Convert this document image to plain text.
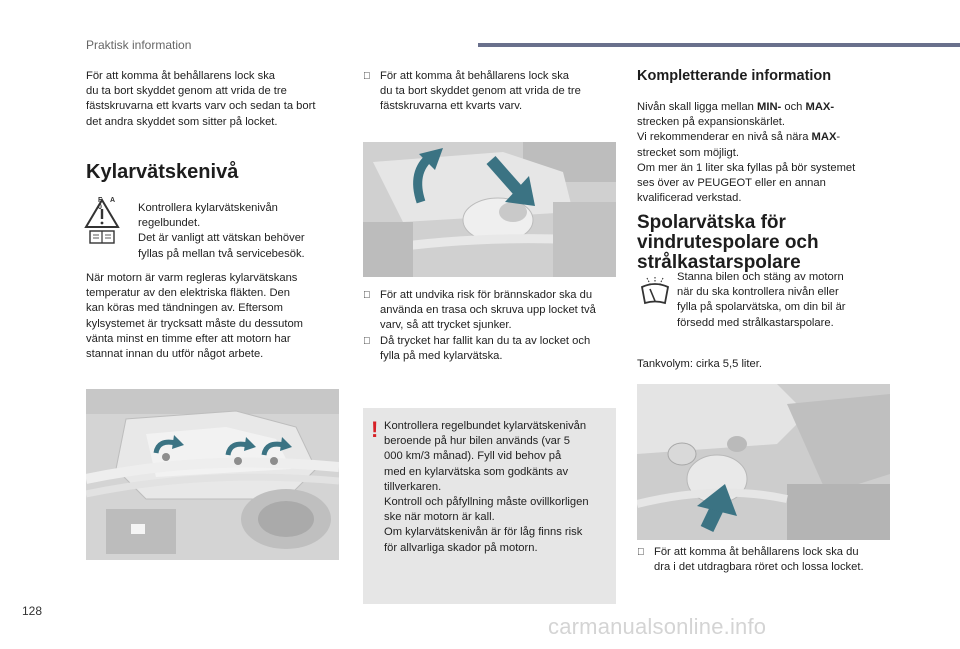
Praktisk information

För att komma åt behållarens lock ska

du ta bort skyddet genom att vrida de tre

fästskruvarna ett kvarts varv och sedan ta bort

det andra skyddet som sitter på locket.

Kylarvätskenivå
F A 0	Kontrollera kylarvätskenivån

regelbundet.

Det är vanligt att vätskan behöver

fyllas på mellan två servicebesök.

När motorn är varm regleras kylarvätskans

temperatur av den elektriska fläkten. Den

kan köras med tändningen av. Eftersom

kylsystemet är trycksatt måste du dessutom

vänta minst en timme efter att motorn har

stannat innan du utför något arbete.

För att komma åt behållarens lock ska

du ta bort skyddet genom att vrida de tre

fästskruvarna ett kvarts varv.

För att undvika risk för brännskador ska du

använda en trasa och skruva upp locket två

varv, så att trycket sjunker.

Då trycket har fallit kan du ta av locket och

fylla på med kylarvätska.

! Kontrollera regelbundet kylarvätskenivån

beroende på hur bilen används (var 5

000 km/3 månad). Fyll vid behov på

med en kylarvätska som godkänts av

tillverkaren.

Kontroll och påfyllning måste ovillkorligen

ske när motorn är kall.

Om kylarvätskenivån är för låg finns risk

för allvarliga skador på motorn.

Kompletterande information

Nivån skall ligga mellan MIN- och MAX-

strecken på expansionskärlet.

Vi rekommenderar en nivå så nära MAX-

strecket som möjligt.

Om mer än 1 liter ska fyllas på bör systemet

ses över av PEUGEOT eller en annan

kvalificerad verkstad.

Spolarvätska för
vindrutespolare och
strålkastarspolare

Stanna bilen och stäng av motorn

när du ska kontrollera nivån eller

fylla på spolarvätska, om din bil är

försedd med strålkastarspolare.

Tankvolym: cirka 5,5 liter.

För att komma åt behållarens lock ska du

dra i det utdragbara röret och lossa locket.

128
carmanualsonline.info
